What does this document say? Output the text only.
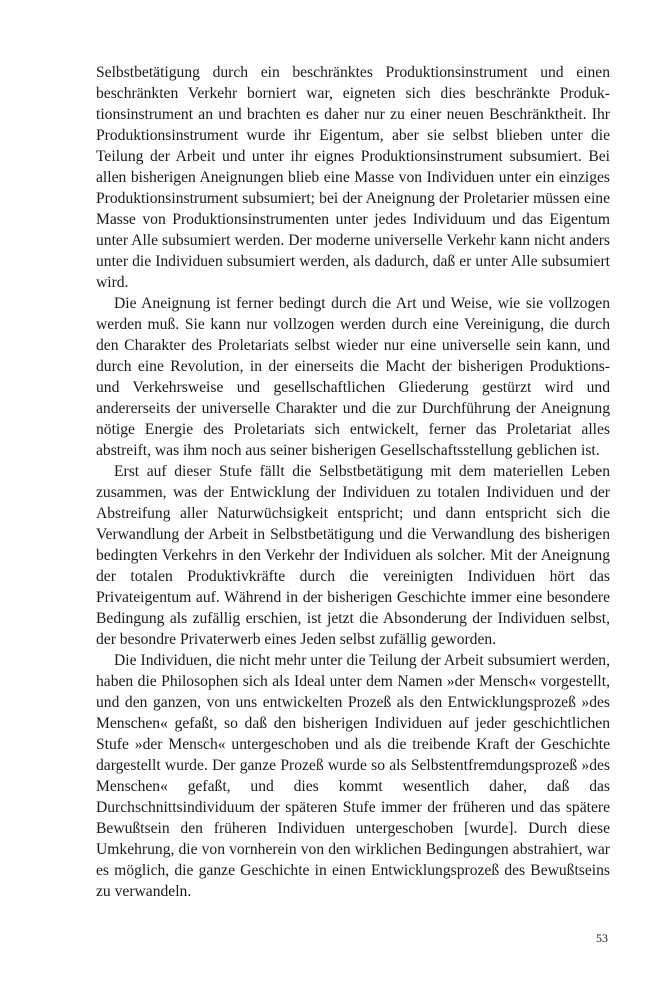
Selbstbetätigung durch ein beschränktes Produktionsinstrument und einen beschränkten Verkehr borniert war, eigneten sich dies beschränkte Produktionsinstrument an und brachten es daher nur zu einer neuen Beschränktheit. Ihr Produktionsinstrument wurde ihr Eigentum, aber sie selbst blieben unter die Teilung der Arbeit und unter ihr eignes Produktionsinstrument subsumiert. Bei allen bisherigen Aneignungen blieb eine Masse von Individuen unter ein einziges Produktionsinstrument subsumiert; bei der Aneignung der Proletarier müssen eine Masse von Produktionsinstrumenten unter jedes Individuum und das Eigentum unter Alle subsumiert werden. Der moderne universelle Verkehr kann nicht anders unter die Individuen subsumiert werden, als dadurch, daß er unter Alle subsumiert wird.

Die Aneignung ist ferner bedingt durch die Art und Weise, wie sie vollzogen werden muß. Sie kann nur vollzogen werden durch eine Vereinigung, die durch den Charakter des Proletariats selbst wieder nur eine universelle sein kann, und durch eine Revolution, in der einerseits die Macht der bisherigen Produktions- und Verkehrsweise und gesellschaftlichen Gliederung gestürzt wird und andererseits der universelle Charakter und die zur Durchführung der Aneignung nötige Energie des Proletariats sich entwickelt, ferner das Proletariat alles abstreift, was ihm noch aus seiner bisherigen Gesellschaftsstellung geblichen ist.

Erst auf dieser Stufe fällt die Selbstbetätigung mit dem materiellen Leben zusammen, was der Entwicklung der Individuen zu totalen Individuen und der Abstreifung aller Naturwüchsigkeit entspricht; und dann entspricht sich die Verwandlung der Arbeit in Selbstbetätigung und die Verwandlung des bisherigen bedingten Verkehrs in den Verkehr der Individuen als solcher. Mit der Aneignung der totalen Produktivkräfte durch die vereinigten Individuen hört das Privateigentum auf. Während in der bisherigen Geschichte immer eine besondere Bedingung als zufällig erschien, ist jetzt die Absonderung der Individuen selbst, der besondre Privaterwerb eines Jeden selbst zufällig geworden.

Die Individuen, die nicht mehr unter die Teilung der Arbeit subsumiert werden, haben die Philosophen sich als Ideal unter dem Namen »der Mensch« vorgestellt, und den ganzen, von uns entwickelten Prozeß als den Entwicklungsprozeß »des Menschen« gefaßt, so daß den bisherigen Individuen auf jeder geschichtlichen Stufe »der Mensch« untergeschoben und als die treibende Kraft der Geschichte dargestellt wurde. Der ganze Prozeß wurde so als Selbstentfremdungsprozeß »des Menschen« gefaßt, und dies kommt wesentlich daher, daß das Durchschnittsindividuum der späteren Stufe immer der früheren und das spätere Bewußtsein den früheren Individuen untergeschoben [wurde]. Durch diese Umkehrung, die von vornherein von den wirklichen Bedingungen abstrahiert, war es möglich, die ganze Geschichte in einen Entwicklungsprozeß des Bewußtseins zu verwandeln.

53
